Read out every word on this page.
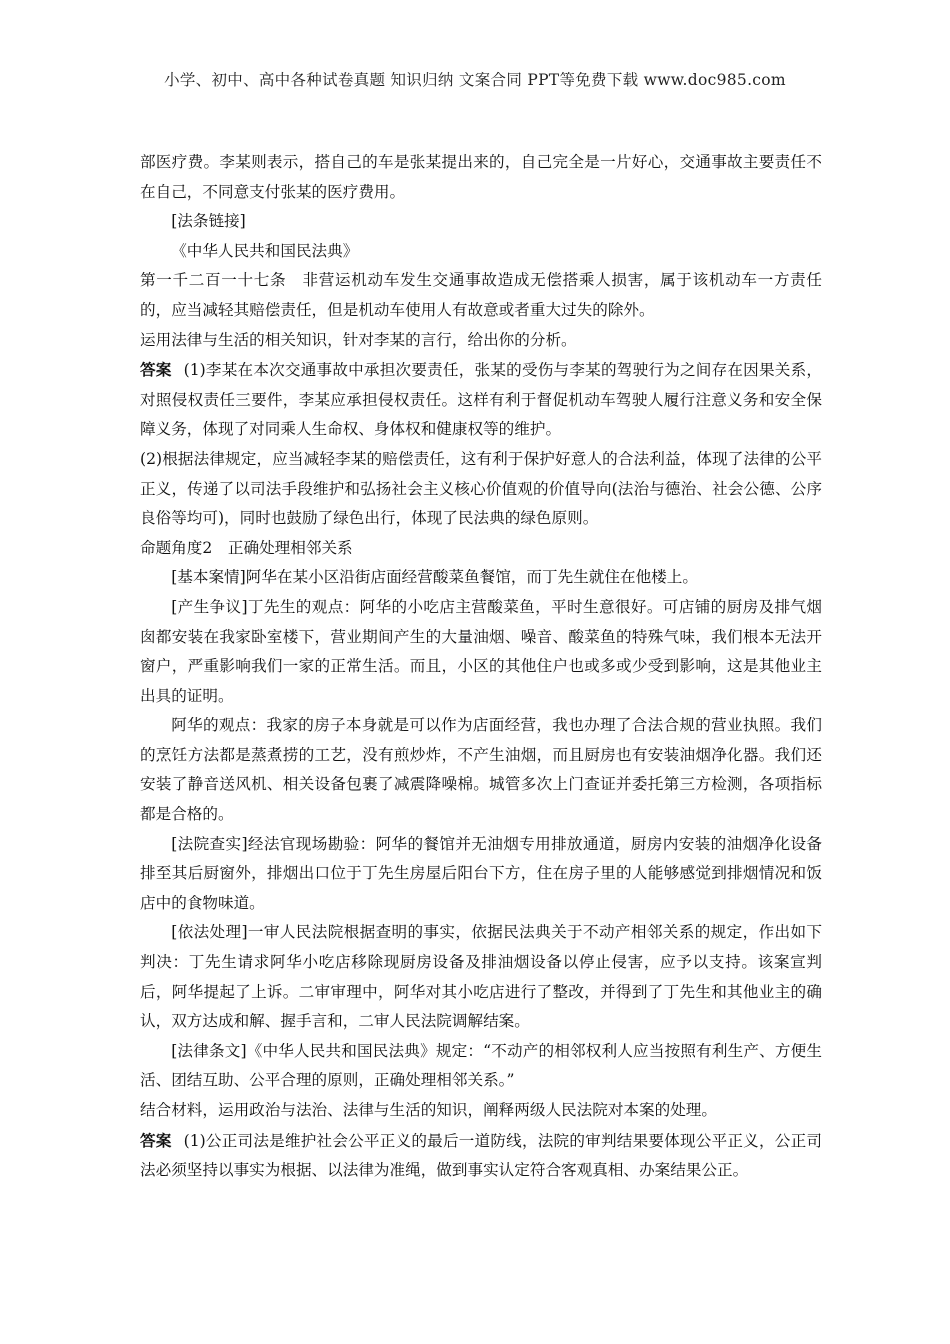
小学、初中、高中各种试卷真题 知识归纳 文案合同 PPT等免费下载 www.doc985.com

部医疗费。李某则表示，搭自己的车是张某提出来的，自己完全是一片好心，交通事故主要责任不在自己，不同意支付张某的医疗费用。

[法条链接]

《中华人民共和国民法典》

第一千二百一十七条　非营运机动车发生交通事故造成无偿搭乘人损害，属于该机动车一方责任的，应当减轻其赔偿责任，但是机动车使用人有故意或者重大过失的除外。

运用法律与生活的相关知识，针对李某的言行，给出你的分析。

答案 (1)李某在本次交通事故中承担次要责任，张某的受伤与李某的驾驶行为之间存在因果关系，对照侵权责任三要件，李某应承担侵权责任。这样有利于督促机动车驾驶人履行注意义务和安全保障义务，体现了对同乘人生命权、身体权和健康权等的维护。

(2)根据法律规定，应当减轻李某的赔偿责任，这有利于保护好意人的合法利益，体现了法律的公平正义，传递了以司法手段维护和弘扬社会主义核心价值观的价值导向(法治与德治、社会公德、公序良俗等均可)，同时也鼓励了绿色出行，体现了民法典的绿色原则。

命题角度2　正确处理相邻关系

[基本案情]阿华在某小区沿街店面经营酸菜鱼餐馆，而丁先生就住在他楼上。

[产生争议]丁先生的观点：阿华的小吃店主营酸菜鱼，平时生意很好。可店铺的厨房及排气烟囱都安装在我家卧室楼下，营业期间产生的大量油烟、噪音、酸菜鱼的特殊气味，我们根本无法开窗户，严重影响我们一家的正常生活。而且，小区的其他住户也或多或少受到影响，这是其他业主出具的证明。

阿华的观点：我家的房子本身就是可以作为店面经营，我也办理了合法合规的营业执照。我们的烹饪方法都是蒸煮捞的工艺，没有煎炒炸，不产生油烟，而且厨房也有安装油烟净化器。我们还安装了静音送风机、相关设备包裹了减震降噪棉。城管多次上门查证并委托第三方检测，各项指标都是合格的。

[法院查实]经法官现场勘验：阿华的餐馆并无油烟专用排放通道，厨房内安装的油烟净化设备排至其后厨窗外，排烟出口位于丁先生房屋后阳台下方，住在房子里的人能够感觉到排烟情况和饭店中的食物味道。

[依法处理]一审人民法院根据查明的事实，依据民法典关于不动产相邻关系的规定，作出如下判决：丁先生请求阿华小吃店移除现厨房设备及排油烟设备以停止侵害，应予以支持。该案宣判后，阿华提起了上诉。二审审理中，阿华对其小吃店进行了整改，并得到了丁先生和其他业主的确认，双方达成和解、握手言和，二审人民法院调解结案。

[法律条文]《中华人民共和国民法典》规定：“不动产的相邻权利人应当按照有利生产、方便生活、团结互助、公平合理的原则，正确处理相邻关系。”

结合材料，运用政治与法治、法律与生活的知识，阐释两级人民法院对本案的处理。

答案 (1)公正司法是维护社会公平正义的最后一道防线，法院的审判结果要体现公平正义，公正司法必须坚持以事实为根据、以法律为准绳，做到事实认定符合客观真相、办案结果公正。
